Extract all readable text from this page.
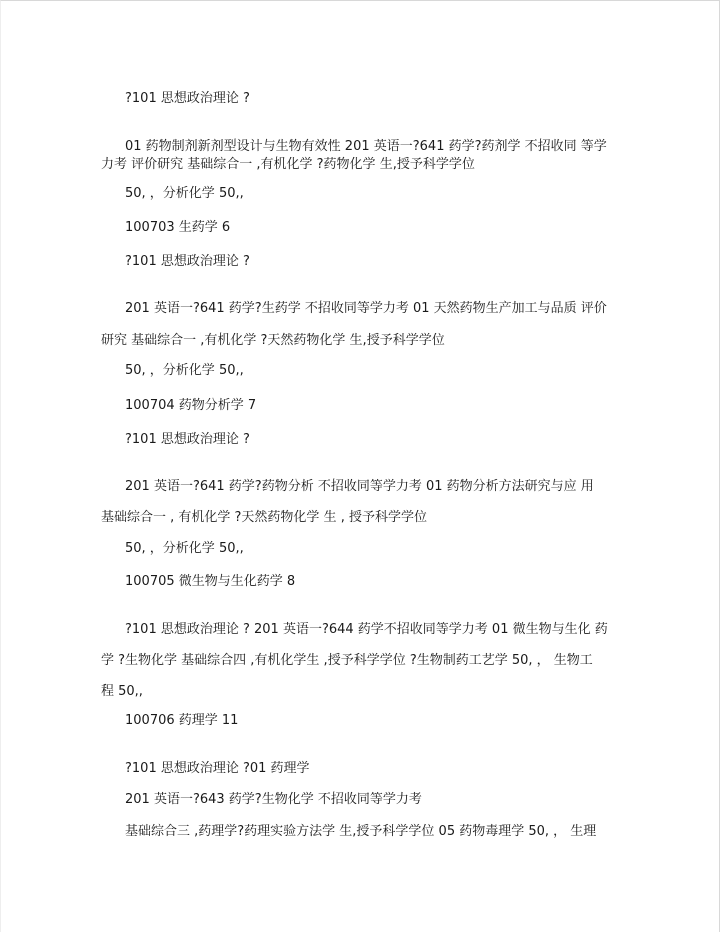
?101 思想政治理论 ?
01 药物制剂新剂型设计与生物有效性 201 英语一?641 药学?药剂学 不招收同 等学
力考 评价研究 基础综合一 ,有机化学 ?药物化学 生,授予科学学位
50, ，分析化学 50,,
100703 生药学 6
?101 思想政治理论 ?
201 英语一?641 药学?生药学 不招收同等学力考 01 天然药物生产加工与品质 评价
研究 基础综合一 ,有机化学 ?天然药物化学 生,授予科学学位
50, ，分析化学 50,,
100704 药物分析学 7
?101 思想政治理论 ?
201 英语一?641 药学?药物分析 不招收同等学力考 01 药物分析方法研究与应 用
基础综合一 , 有机化学 ?天然药物化学 生 , 授予科学学位
50, ，分析化学 50,,
100705 微生物与生化药学 8
?101 思想政治理论 ? 201 英语一?644 药学不招收同等学力考 01 微生物与生化 药
学 ?生物化学 基础综合四 ,有机化学生 ,授予科学学位 ?生物制药工艺学 50, ， 生物工
程 50,,
100706 药理学 11
?101 思想政治理论 ?01 药理学
201 英语一?643 药学?生物化学 不招收同等学力考
基础综合三 ,药理学?药理实验方法学 生,授予科学学位 05 药物毒理学 50, ， 生理
